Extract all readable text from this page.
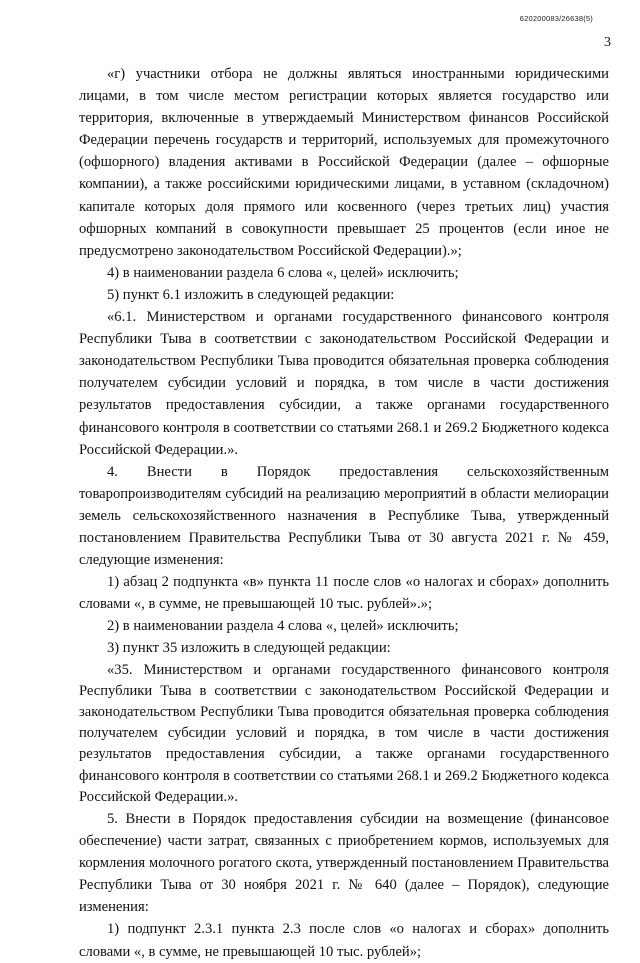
620200083/26638(5)
3

«г) участники отбора не должны являться иностранными юридическими лицами, в том числе местом регистрации которых является государство или территория, включенные в утверждаемый Министерством финансов Российской Федерации перечень государств и территорий, используемых для промежуточного (офшорного) владения активами в Российской Федерации (далее – офшорные компании), а также российскими юридическими лицами, в уставном (складочном) капитале которых доля прямого или косвенного (через третьих лиц) участия офшорных компаний в совокупности превышает 25 процентов (если иное не предусмотрено законодательством Российской Федерации).»;

4) в наименовании раздела 6 слова «, целей» исключить;

5) пункт 6.1 изложить в следующей редакции:

«6.1. Министерством и органами государственного финансового контроля Республики Тыва в соответствии с законодательством Российской Федерации и законодательством Республики Тыва проводится обязательная проверка соблюдения получателем субсидии условий и порядка, в том числе в части достижения результатов предоставления субсидии, а также органами государственного финансового контроля в соответствии со статьями 268.1 и 269.2 Бюджетного кодекса Российской Федерации.».

4. Внести в Порядок предоставления сельскохозяйственным товаропроизводителям субсидий на реализацию мероприятий в области мелиорации земель сельскохозяйственного назначения в Республике Тыва, утвержденный постановлением Правительства Республики Тыва от 30 августа 2021 г. № 459, следующие изменения:

1) абзац 2 подпункта «в» пункта 11 после слов «о налогах и сборах» дополнить словами «, в сумме, не превышающей 10 тыс. рублей».»;

2) в наименовании раздела 4 слова «, целей» исключить;

3) пункт 35 изложить в следующей редакции:

«35. Министерством и органами государственного финансового контроля Республики Тыва в соответствии с законодательством Российской Федерации и законодательством Республики Тыва проводится обязательная проверка соблюдения получателем субсидии условий и порядка, в том числе в части достижения результатов предоставления субсидии, а также органами государственного финансового контроля в соответствии со статьями 268.1 и 269.2 Бюджетного кодекса Российской Федерации.».

5. Внести в Порядок предоставления субсидии на возмещение (финансовое обеспечение) части затрат, связанных с приобретением кормов, используемых для кормления молочного рогатого скота, утвержденный постановлением Правительства Республики Тыва от 30 ноября 2021 г. № 640 (далее – Порядок), следующие изменения:

1) подпункт 2.3.1 пункта 2.3 после слов «о налогах и сборах» дополнить словами «, в сумме, не превышающей 10 тыс. рублей»;
